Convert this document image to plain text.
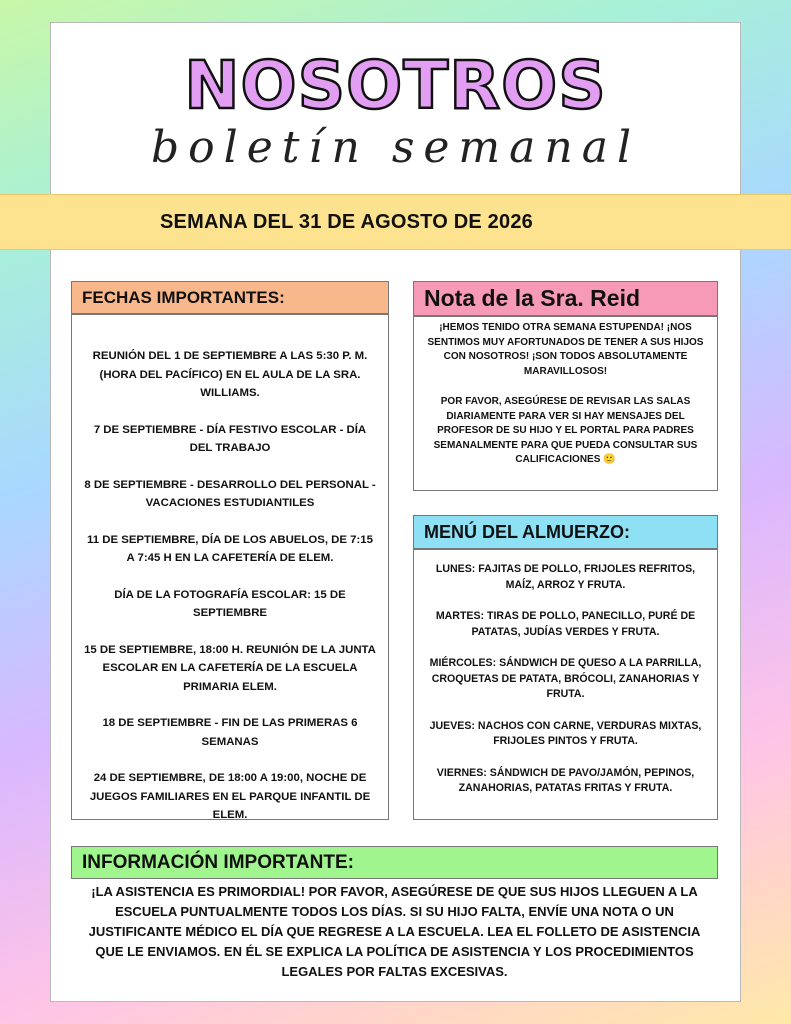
NOSOTROS
boletín semanal
SEMANA DEL 31 DE AGOSTO DE 2026
FECHAS IMPORTANTES:

REUNIÓN DEL 1 DE SEPTIEMBRE A LAS 5:30 P. M. (HORA DEL PACÍFICO) EN EL AULA DE LA SRA. WILLIAMS.

7 DE SEPTIEMBRE - DÍA FESTIVO ESCOLAR - DÍA DEL TRABAJO

8 DE SEPTIEMBRE - DESARROLLO DEL PERSONAL - VACACIONES ESTUDIANTILES

11 DE SEPTIEMBRE, DÍA DE LOS ABUELOS, DE 7:15 A 7:45 H EN LA CAFETERÍA DE ELEM.

DÍA DE LA FOTOGRAFÍA ESCOLAR: 15 DE SEPTIEMBRE

15 DE SEPTIEMBRE, 18:00 H. REUNIÓN DE LA JUNTA ESCOLAR EN LA CAFETERÍA DE LA ESCUELA PRIMARIA ELEM.

18 DE SEPTIEMBRE - FIN DE LAS PRIMERAS 6 SEMANAS

24 DE SEPTIEMBRE, DE 18:00 A 19:00, NOCHE DE JUEGOS FAMILIARES EN EL PARQUE INFANTIL DE ELEM.

Nota de la Sra. Reid

¡HEMOS TENIDO OTRA SEMANA ESTUPENDA! ¡NOS SENTIMOS MUY AFORTUNADOS DE TENER A SUS HIJOS CON NOSOTROS! ¡SON TODOS ABSOLUTAMENTE MARAVILLOSOS!

POR FAVOR, ASEGÚRESE DE REVISAR LAS SALAS DIARIAMENTE PARA VER SI HAY MENSAJES DEL PROFESOR DE SU HIJO Y EL PORTAL PARA PADRES SEMANALMENTE PARA QUE PUEDA CONSULTAR SUS CALIFICACIONES 🙂

MENÚ DEL ALMUERZO:

LUNES: FAJITAS DE POLLO, FRIJOLES REFRITOS, MAÍZ, ARROZ Y FRUTA.

MARTES: TIRAS DE POLLO, PANECILLO, PURÉ DE PATATAS, JUDÍAS VERDES Y FRUTA.

MIÉRCOLES: SÁNDWICH DE QUESO A LA PARRILLA, CROQUETAS DE PATATA, BRÓCOLI, ZANAHORIAS Y FRUTA.

JUEVES: NACHOS CON CARNE, VERDURAS MIXTAS, FRIJOLES PINTOS Y FRUTA.

VIERNES: SÁNDWICH DE PAVO/JAMÓN, PEPINOS, ZANAHORIAS, PATATAS FRITAS Y FRUTA.

INFORMACIÓN IMPORTANTE:

¡LA ASISTENCIA ES PRIMORDIAL! POR FAVOR, ASEGÚRESE DE QUE SUS HIJOS LLEGUEN A LA ESCUELA PUNTUALMENTE TODOS LOS DÍAS. SI SU HIJO FALTA, ENVÍE UNA NOTA O UN JUSTIFICANTE MÉDICO EL DÍA QUE REGRESE A LA ESCUELA. LEA EL FOLLETO DE ASISTENCIA QUE LE ENVIAMOS. EN ÉL SE EXPLICA LA POLÍTICA DE ASISTENCIA Y LOS PROCEDIMIENTOS LEGALES POR FALTAS EXCESIVAS.
